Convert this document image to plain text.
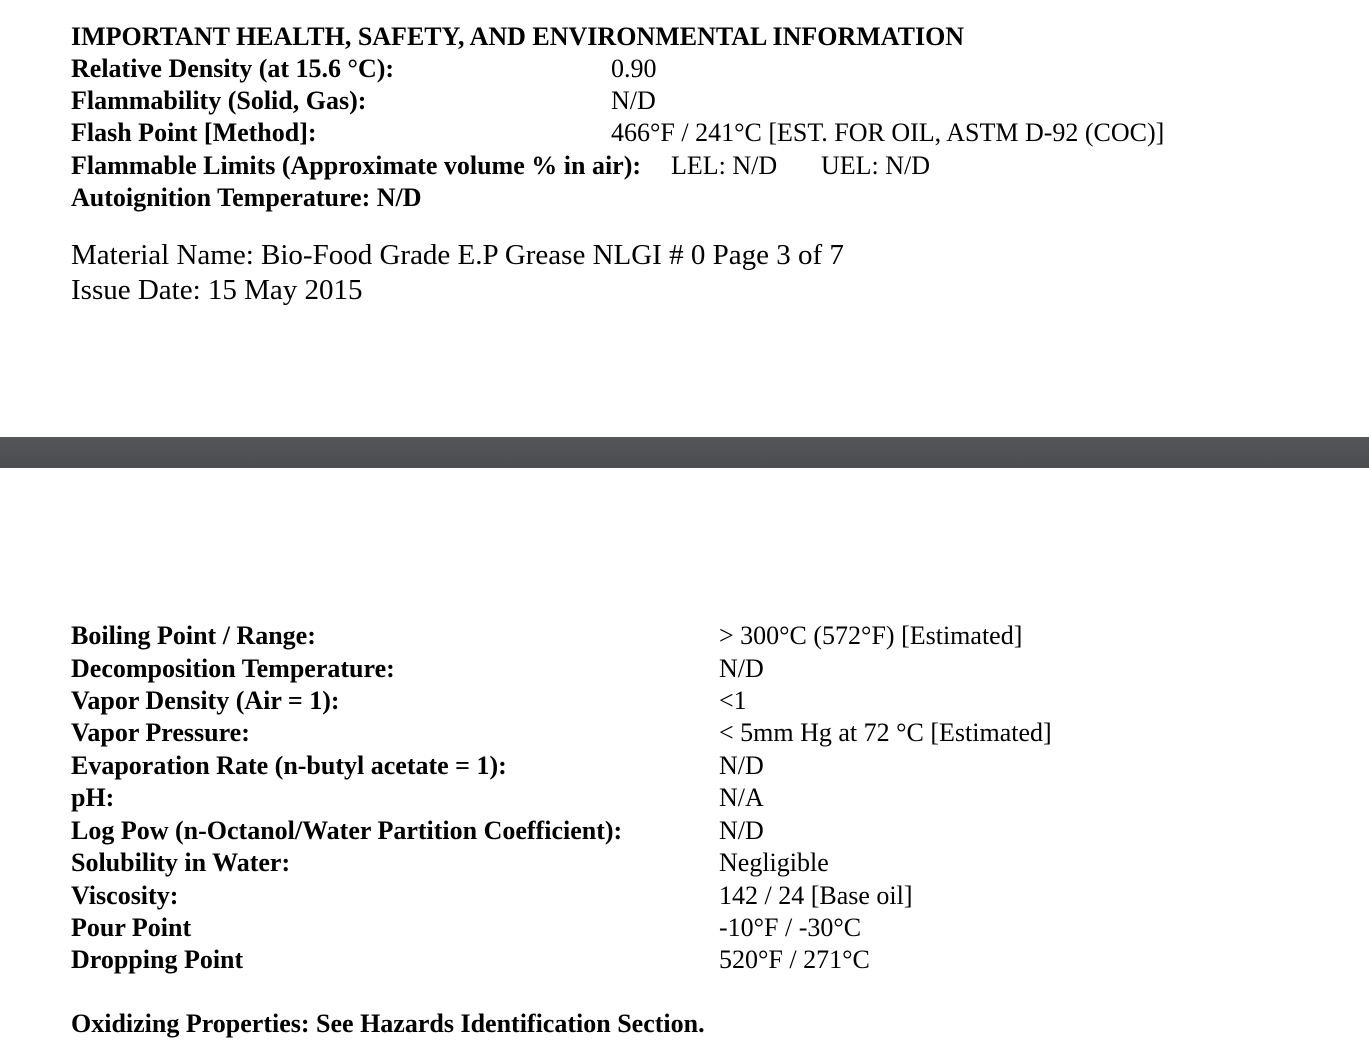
IMPORTANT HEALTH, SAFETY, AND ENVIRONMENTAL INFORMATION
Relative Density (at 15.6 °C):	0.90
Flammability (Solid, Gas):	N/D
Flash Point [Method]:	466°F / 241°C [EST. FOR OIL, ASTM D-92 (COC)]
Flammable Limits (Approximate volume % in air): LEL: N/D UEL: N/D
Autoignition Temperature: N/D
Material Name: Bio-Food Grade E.P Grease NLGI # 0 Page 3 of 7
Issue Date: 15 May 2015
Boiling Point / Range:	> 300°C (572°F) [Estimated]
Decomposition Temperature:	N/D
Vapor Density (Air = 1):	<1
Vapor Pressure:	< 5mm Hg at 72 °C [Estimated]
Evaporation Rate (n-butyl acetate = 1):	N/D
pH:	N/A
Log Pow (n-Octanol/Water Partition Coefficient):	N/D
Solubility in Water:	Negligible
Viscosity:	142 / 24 [Base oil]
Pour Point	-10°F / -30°C
Dropping Point	520°F / 271°C
Oxidizing Properties: See Hazards Identification Section.
